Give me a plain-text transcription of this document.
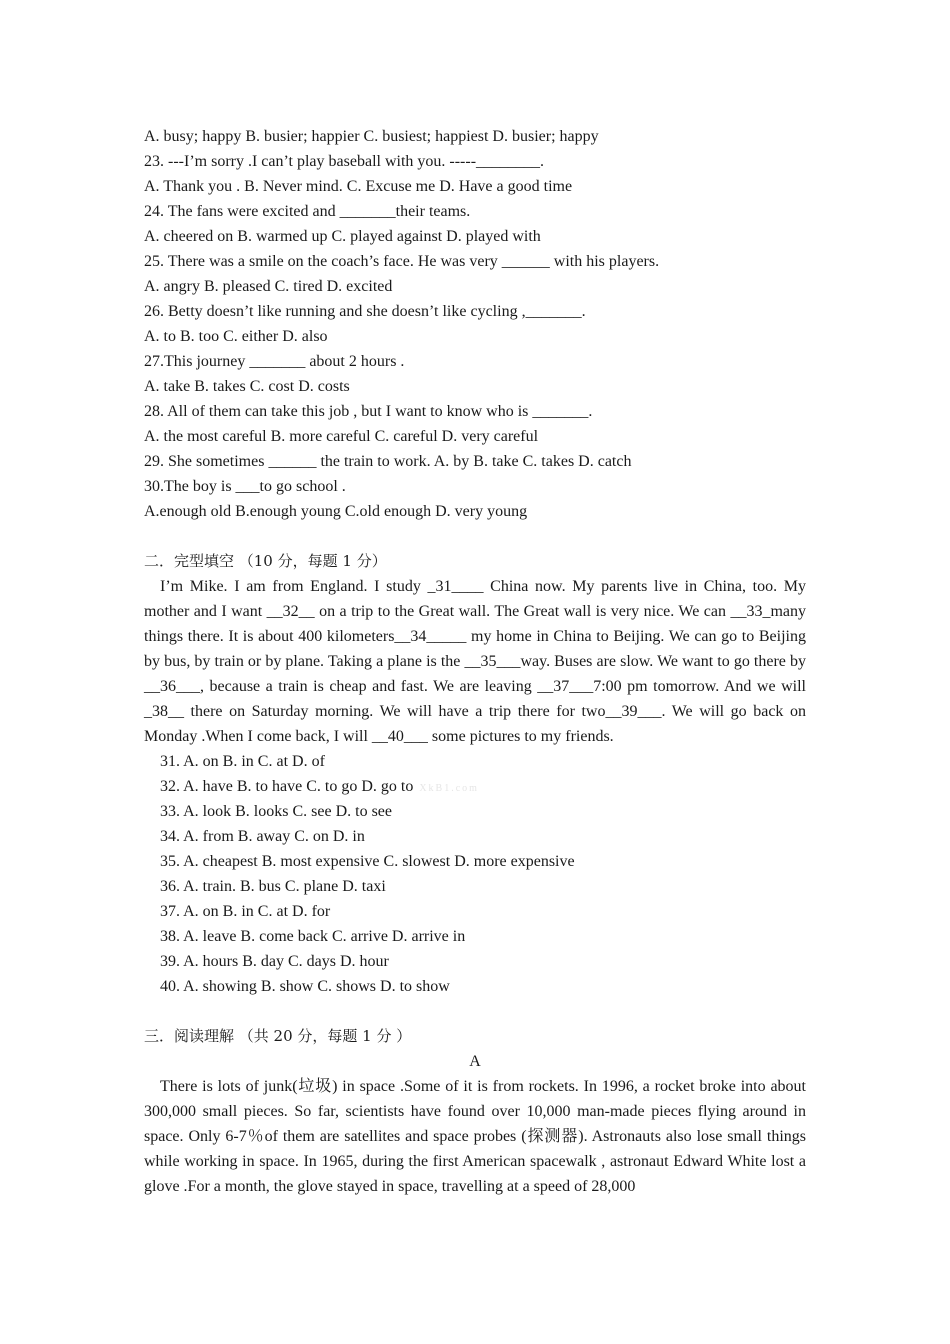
A. busy; happy B. busier; happier C. busiest; happiest D. busier; happy
23. ---I’m sorry .I can’t play baseball with you. -----________.
A. Thank you . B. Never mind. C. Excuse me D. Have a good time
24. The fans were excited and _______their teams.
A. cheered on B. warmed up C. played against D. played with
25. There was a smile on the coach’s face. He was very ______ with his players.
A. angry B. pleased C. tired D. excited
26. Betty doesn’t like running and she doesn’t like cycling ,_______.
A. to B. too C. either D. also
27.This journey _______ about 2 hours .
A. take B. takes C. cost D. costs
28. All of them can take this job , but I want to know who is _______.
A. the most careful B. more careful C. careful D. very careful
29. She sometimes ______ the train to work. A. by B. take C. takes D. catch
30.The boy is ___to go school .
A.enough old B.enough young C.old enough D. very young
二．完型填空 （10 分，每题 1 分）
I’m Mike. I am from England. I study _31____ China now. My parents live in China, too. My mother and I want __32__ on a trip to the Great wall. The Great wall is very nice. We can __33_many things there. It is about 400 kilometers__34_____ my home in China to Beijing. We can go to Beijing by bus, by train or by plane. Taking a plane is the __35___way. Buses are slow. We want to go there by __36___, because a train is cheap and fast. We are leaving __37___7:00 pm tomorrow. And we will _38__ there on Saturday morning. We will have a trip there for two__39___. We will go back on Monday .When I come back, I will __40___ some pictures to my friends.
31. A. on B. in C. at D. of
32. A. have B. to have C. to go D. go to XkB1.com
33. A. look B. looks C. see D. to see
34. A. from B. away C. on D. in
35. A. cheapest B. most expensive C. slowest D. more expensive
36. A. train. B. bus C. plane D. taxi
37. A. on B. in C. at D. for
38. A. leave B. come back C. arrive D. arrive in
39. A. hours B. day C. days D. hour
40. A. showing B. show C. shows D. to show
三．阅读理解 （共 20 分，每题 1 分 ）
A
There is lots of junk(垃圾) in space .Some of it is from rockets. In 1996, a rocket broke into about 300,000 small pieces. So far, scientists have found over 10,000 man-made pieces flying around in space. Only 6-7％of them are satellites and space probes (探测器). Astronauts also lose small things while working in space. In 1965, during the first American spacewalk , astronaut Edward White lost a glove .For a month, the glove stayed in space, travelling at a speed of 28,000
